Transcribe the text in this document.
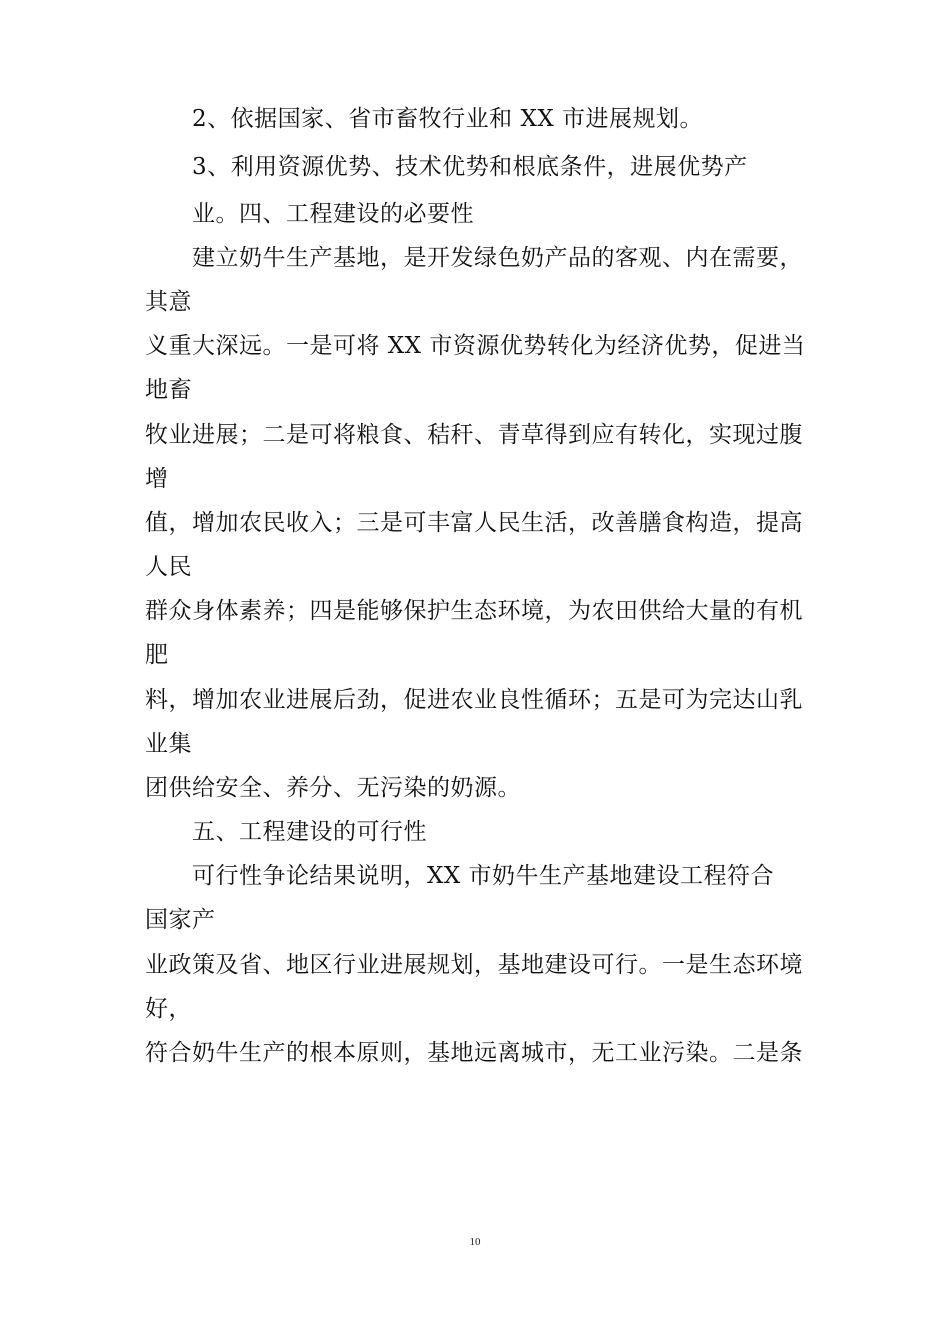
2、依据国家、省市畜牧行业和 XX 市进展规划。
3、利用资源优势、技术优势和根底条件，进展优势产
业。四、工程建设的必要性
建立奶牛生产基地，是开发绿色奶产品的客观、内在需要，
其意
义重大深远。一是可将 XX 市资源优势转化为经济优势，促进当
地畜
牧业进展；二是可将粮食、秸秆、青草得到应有转化，实现过腹
增
值，增加农民收入；三是可丰富人民生活，改善膳食构造，提高
人民
群众身体素养；四是能够保护生态环境，为农田供给大量的有机
肥
料，增加农业进展后劲，促进农业良性循环；五是可为完达山乳
业集
团供给安全、养分、无污染的奶源。
五、工程建设的可行性
可行性争论结果说明，XX 市奶牛生产基地建设工程符合
国家产
业政策及省、地区行业进展规划，基地建设可行。一是生态环境
好，
符合奶牛生产的根本原则，基地远离城市，无工业污染。二是条
10
